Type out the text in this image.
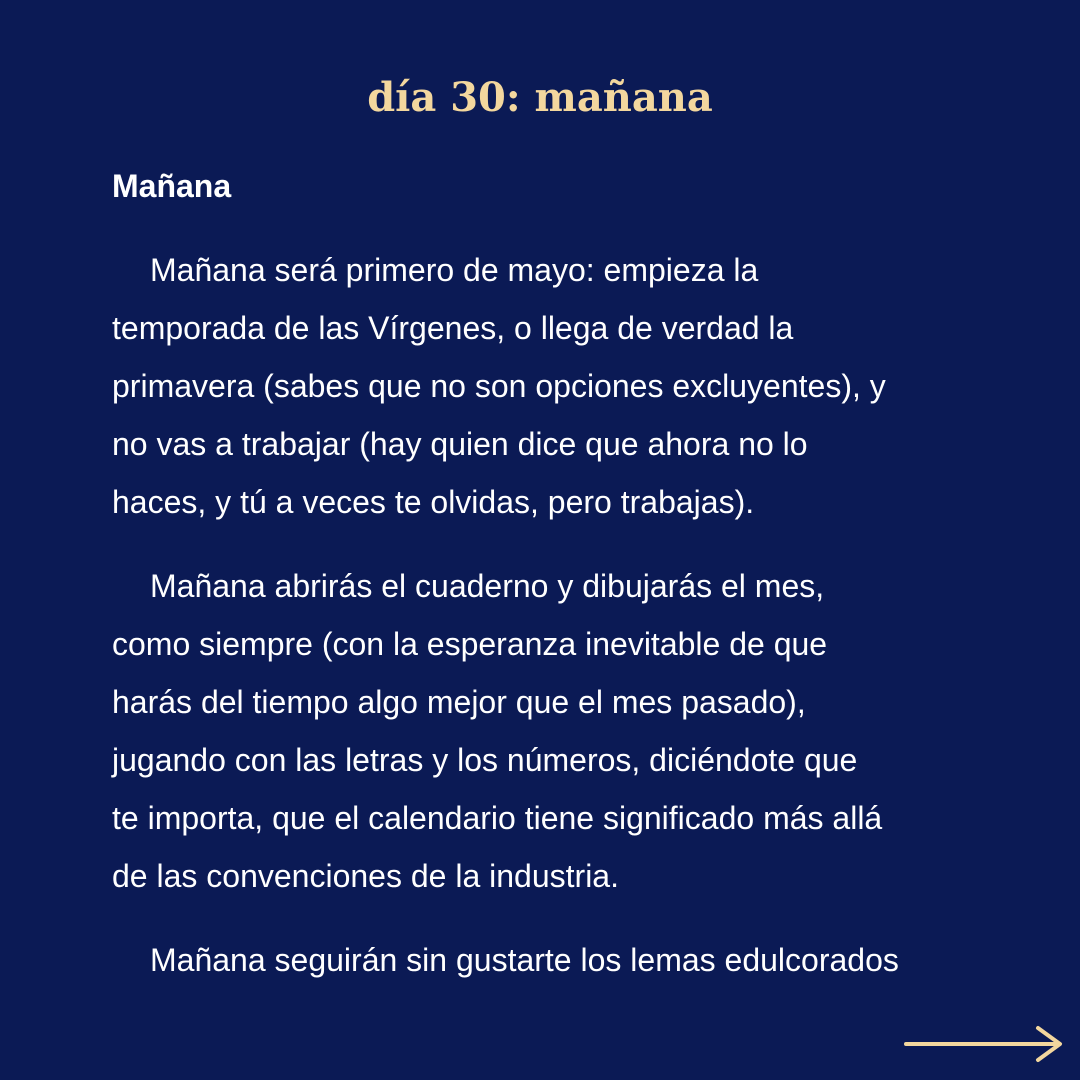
día 30: mañana
Mañana

Mañana será primero de mayo: empieza la
temporada de las Vírgenes, o llega de verdad la
primavera (sabes que no son opciones excluyentes), y
no vas a trabajar (hay quien dice que ahora no lo
haces, y tú a veces te olvidas, pero trabajas).

Mañana abrirás el cuaderno y dibujarás el mes,
como siempre (con la esperanza inevitable de que
harás del tiempo algo mejor que el mes pasado),
jugando con las letras y los números, diciéndote que
te importa, que el calendario tiene significado más allá
de las convenciones de la industria.

Mañana seguirán sin gustarte los lemas edulcorados
